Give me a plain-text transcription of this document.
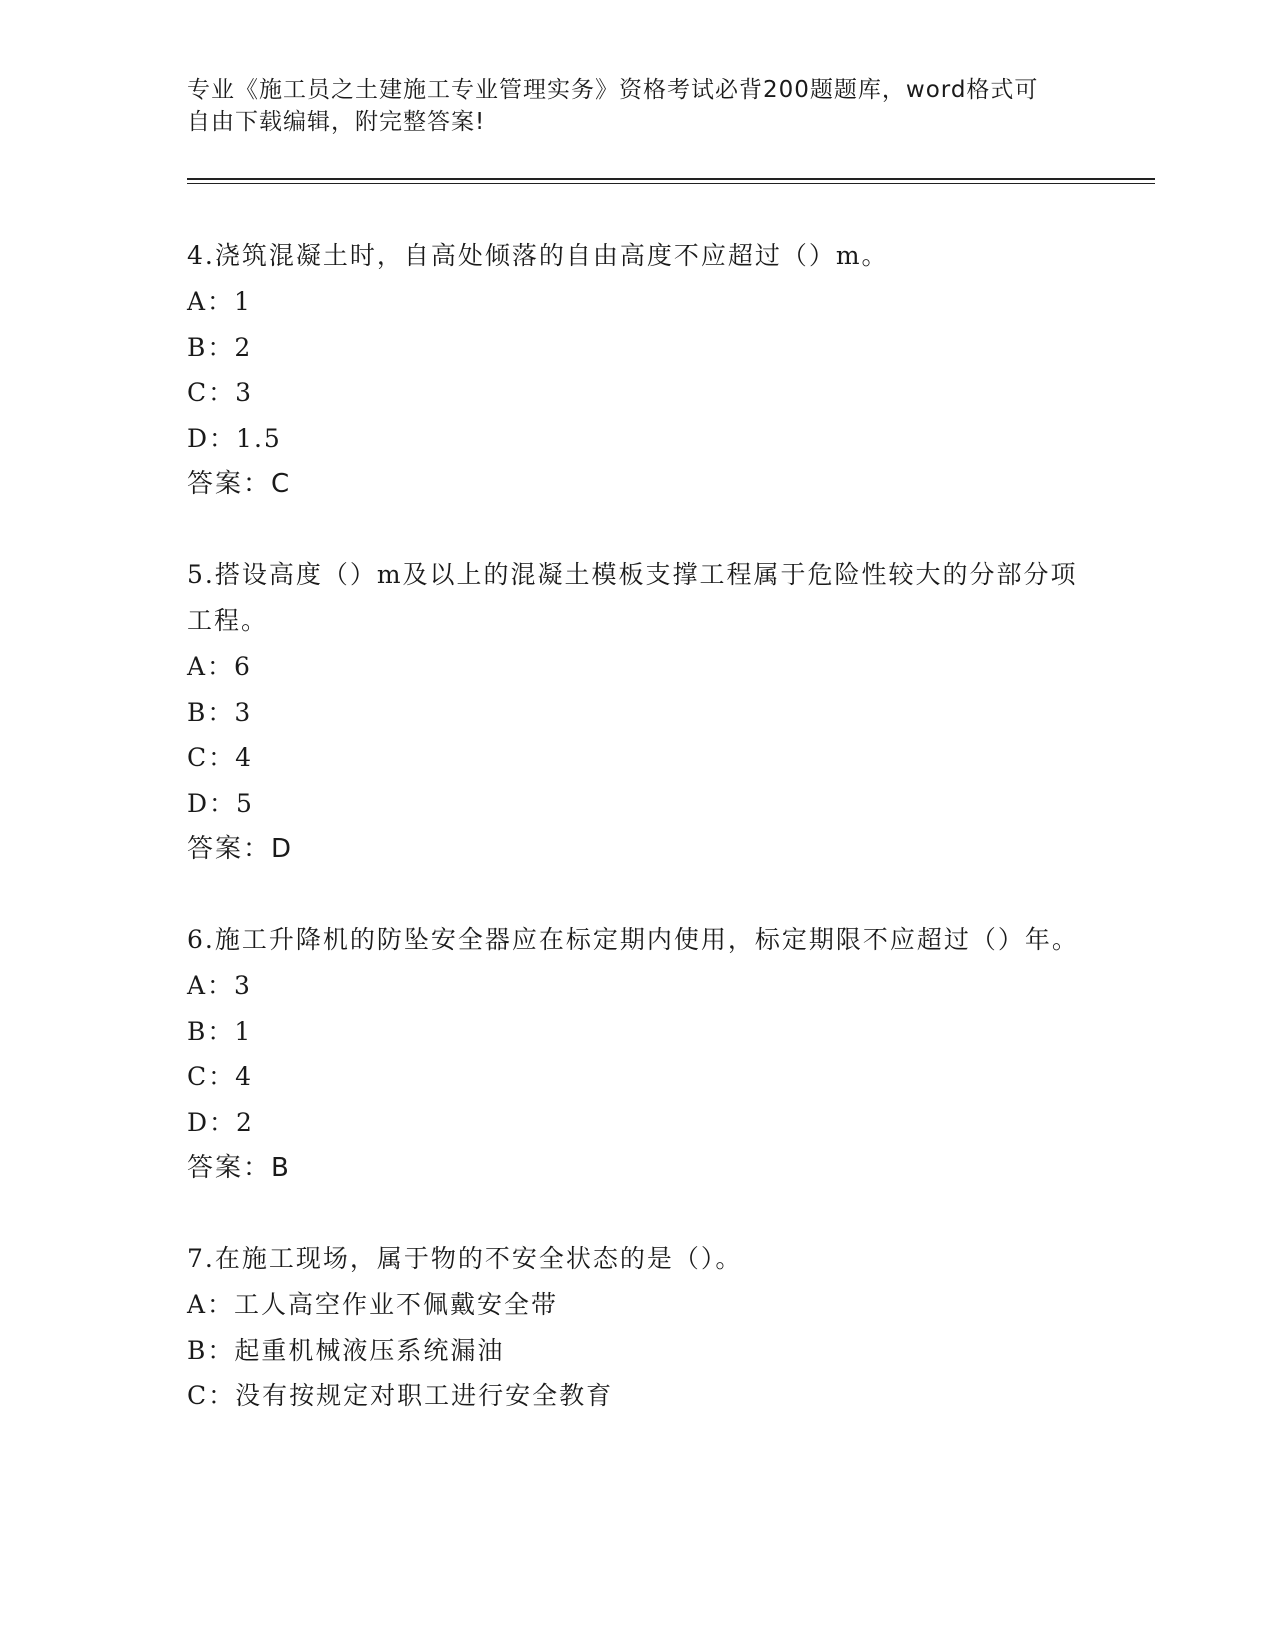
专业《施工员之土建施工专业管理实务》资格考试必背200题题库，word格式可
自由下载编辑，附完整答案!
4.浇筑混凝土时，自高处倾落的自由高度不应超过（）m。
A：1
B：2
C：3
D：1.5
答案：C
5.搭设高度（）m及以上的混凝土模板支撑工程属于危险性较大的分部分项工程。
A：6
B：3
C：4
D：5
答案：D
6.施工升降机的防坠安全器应在标定期内使用，标定期限不应超过（）年。
A：3
B：1
C：4
D：2
答案：B
7.在施工现场，属于物的不安全状态的是（）。
A：工人高空作业不佩戴安全带
B：起重机械液压系统漏油
C：没有按规定对职工进行安全教育
